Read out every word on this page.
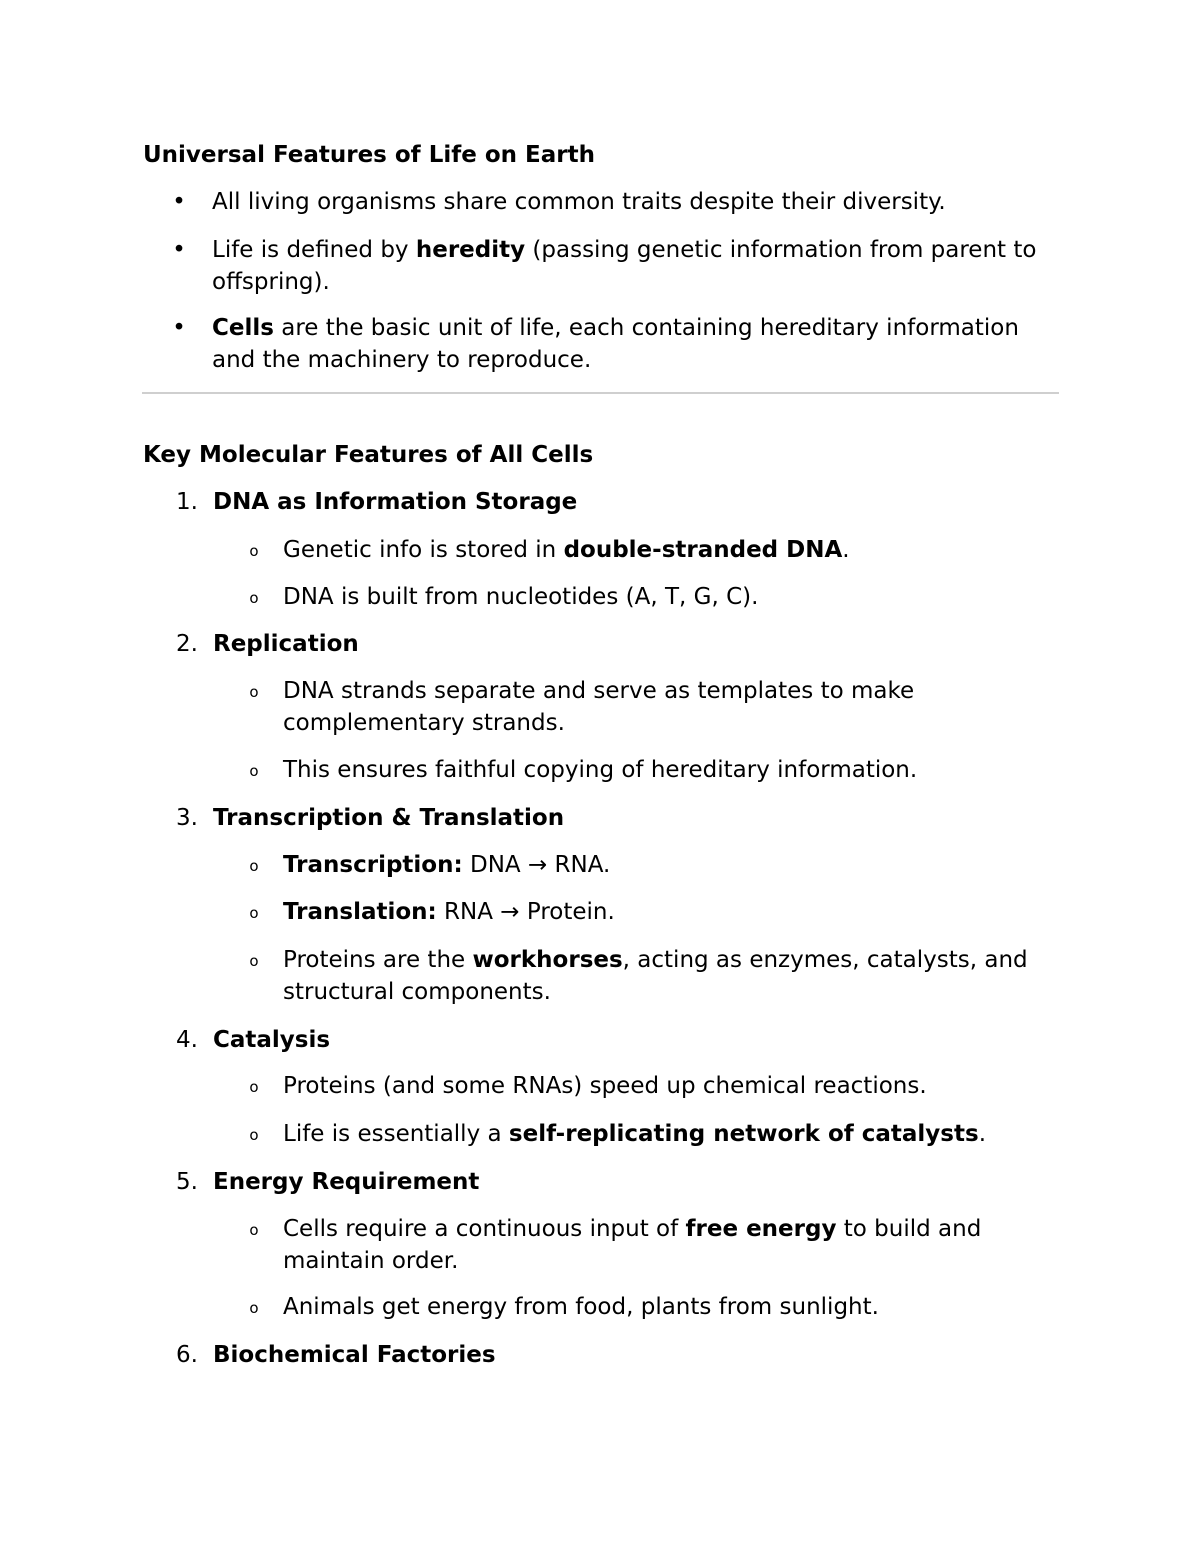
Universal Features of Life on Earth
• All living organisms share common traits despite their diversity.
• Life is defined by heredity (passing genetic information from parent to
offspring).
• Cells are the basic unit of life, each containing hereditary information
and the machinery to reproduce.
Key Molecular Features of All Cells
1. DNA as Information Storage
o Genetic info is stored in double-stranded DNA.
o DNA is built from nucleotides (A, T, G, C).
2. Replication
o DNA strands separate and serve as templates to make
complementary strands.
o This ensures faithful copying of hereditary information.
3. Transcription & Translation
o Transcription: DNA → RNA.
o Translation: RNA → Protein.
o Proteins are the workhorses, acting as enzymes, catalysts, and
structural components.
4. Catalysis
o Proteins (and some RNAs) speed up chemical reactions.
o Life is essentially a self-replicating network of catalysts.
5. Energy Requirement
o Cells require a continuous input of free energy to build and
maintain order.
o Animals get energy from food, plants from sunlight.
6. Biochemical Factories
